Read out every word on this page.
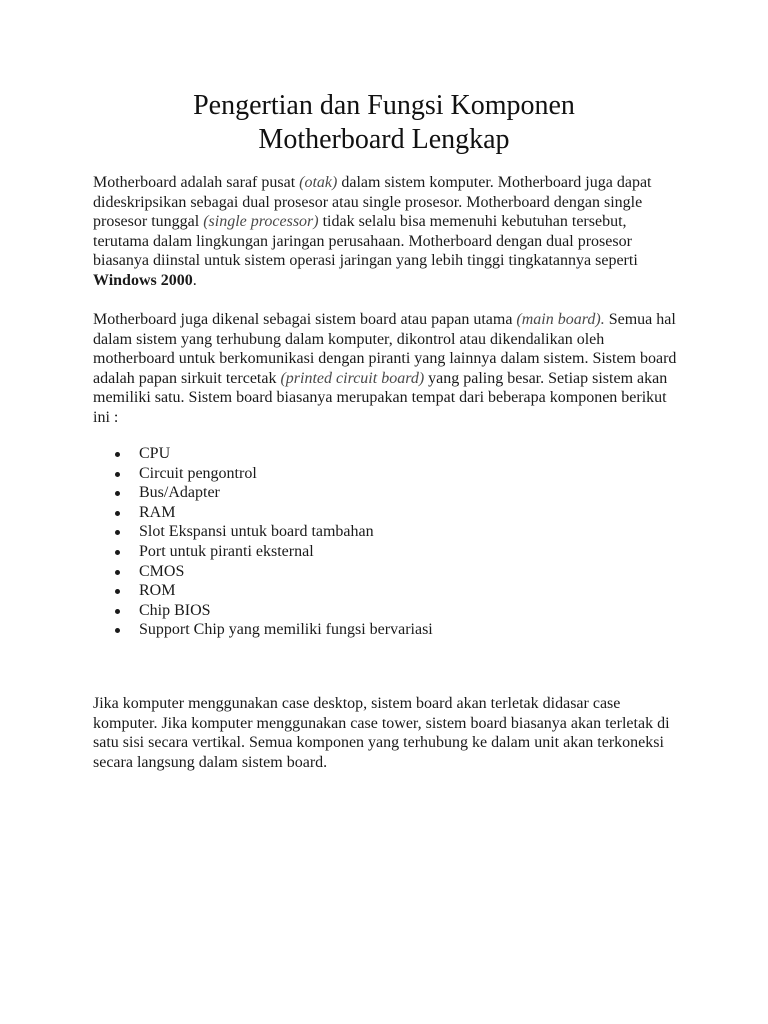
Pengertian dan Fungsi Komponen
Motherboard Lengkap

Motherboard adalah saraf pusat (otak) dalam sistem komputer. Motherboard juga dapat dideskripsikan sebagai dual prosesor atau single prosesor. Motherboard dengan single prosesor tunggal (single processor) tidak selalu bisa memenuhi kebutuhan tersebut, terutama dalam lingkungan jaringan perusahaan. Motherboard dengan dual prosesor biasanya diinstal untuk sistem operasi jaringan yang lebih tinggi tingkatannya seperti Windows 2000.

Motherboard juga dikenal sebagai sistem board atau papan utama (main board). Semua hal dalam sistem yang terhubung dalam komputer, dikontrol atau dikendalikan oleh motherboard untuk berkomunikasi dengan piranti yang lainnya dalam sistem. Sistem board adalah papan sirkuit tercetak (printed circuit board) yang paling besar. Setiap sistem akan memiliki satu. Sistem board biasanya merupakan tempat dari beberapa komponen berikut ini :

CPU
Circuit pengontrol
Bus/Adapter
RAM
Slot Ekspansi untuk board tambahan
Port untuk piranti eksternal
CMOS
ROM
Chip BIOS
Support Chip yang memiliki fungsi bervariasi

Jika komputer menggunakan case desktop, sistem board akan terletak didasar case komputer. Jika komputer menggunakan case tower, sistem board biasanya akan terletak di satu sisi secara vertikal. Semua komponen yang terhubung ke dalam unit akan terkoneksi secara langsung dalam sistem board.
